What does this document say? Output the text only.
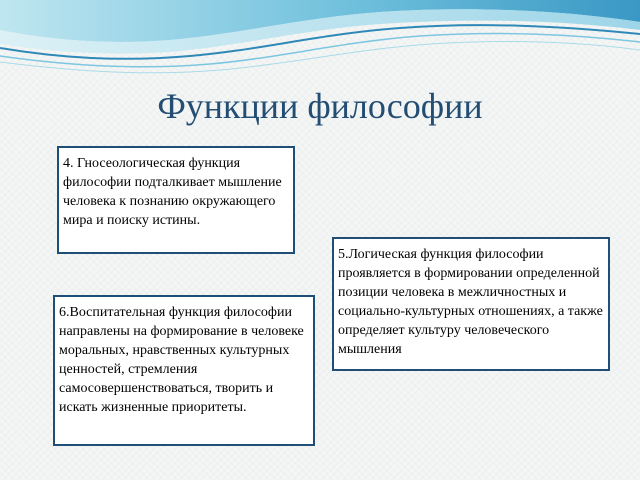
Функции философии
4. Гносеологическая функция философии подталкивает мышление человека к познанию окружающего мира и поиску истины.
5.Логическая функция философии проявляется в формировании определенной позиции человека в межличностных и социально-культурных отношениях, а также определяет культуру человеческого мышления
6.Воспитательная функция философии направлены на формирование в человеке моральных, нравственных культурных ценностей, стремления самосовершенствоваться, творить и искать жизненные приоритеты.
